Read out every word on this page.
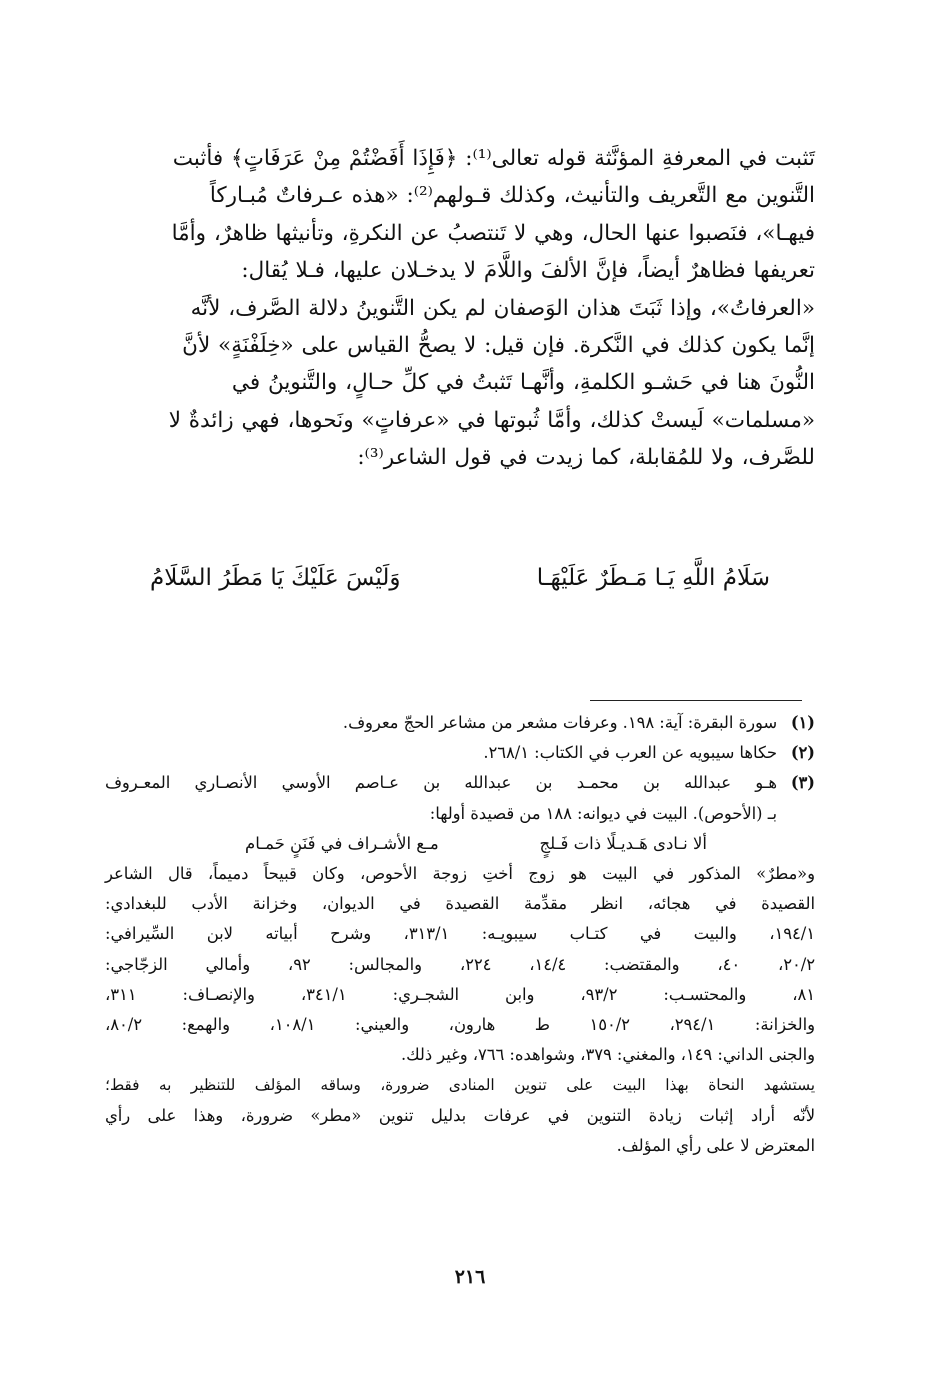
تَثبت في المعرفةِ المؤنَّثة قوله تعالى⁽¹⁾: ﴿فَإِذَا أَفَضْتُمْ مِنْ عَرَفَاتٍ﴾ فأثبت

التَّنوين مع التَّعريف والتأنيث، وكذلك قـولهم⁽²⁾: «هذه عـرفاتٌ مُبـاركاً

فيهـا»، فنَصبوا عنها الحال، وهي لا تَنتصبُ عن النكرةِ، وتأنيثها ظاهرٌ، وأمَّا

تعريفها فظاهرٌ أيضاً، فإنَّ الألفَ واللَّامَ لا يدخـلان عليها، فـلا يُقال:

«العرفاتُ»، وإذا ثَبَتَ هذان الوَصفان لم يكن التَّنوينُ دلالة الصَّرف، لأنَّه

إنَّما يكون كذلك في النَّكرة. فإن قيل: لا يصحُّ القياس على «خِلَفْنَةٍ» لأنَّ

النُّونَ هنا في حَشـو الكلمةِ، وأنَّهـا تَثبتُ في كلِّ حـالٍ، والتَّنوينُ في

«مسلمات» لَيستْ كذلك، وأمَّا ثُبوتها في «عرفاتٍ» ونَحوها، فهي زائدةٌ لا

للصَّرف، ولا للمُقابلة، كما زيدت في قول الشاعر⁽³⁾:

سَلَامُ اللَّهِ يَـا مَـطَرٌ عَلَيْهَـا
وَلَيْسَ عَلَيْكَ يَا مَطَرُ السَّلَامُ
(١)
سورة البقرة: آية: ١٩٨. وعرفات مشعر من مشاعر الحجّ معروف.
(٢)
حكاها سيبويه عن العرب في الكتاب: ٢٦٨/١.
(٣)
هـو عبدالله بن محمـد بن عبدالله بن عـاصم الأوسي الأنصـاري المعـروف
بـ (الأحوص). البيت في ديوانه: ١٨٨ من قصيدة أولها:
ألا نـادى هَـديـلًا ذات فَـلجٍ
مـع الأشـراف في فَنَنٍ حَمـام
و«مطرٌ» المذكور في البيت هو زوج أختِ زوجة الأحوص، وكان قبيحاً دميماً، قال الشاعر
القصيدة في هجائه، انظر مقدِّمة القصيدة في الديوان، وخزانة الأدب للبغدادي:
١٩٤/١، والبيت في كتـاب سيبويـه: ٣١٣/١، وشرح أبياته لابن السِّيرافي:
٢٠/٢، ٤٠، والمقتضب: ١٤/٤، ٢٢٤، والمجالس: ٩٢، وأمالي الزجّاجي:
٨١، والمحتسـب: ٩٣/٢، وابن الشجـري: ٣٤١/١، والإنصـاف: ٣١١،
والخزانة: ٢٩٤/١، ١٥٠/٢ ط هارون، والعيني: ١٠٨/١، والهمع: ٨٠/٢،
والجنى الداني: ١٤٩، والمغني: ٣٧٩، وشواهده: ٧٦٦، وغير ذلك.
يستشهد النحاة بهذا البيت على تنوين المنادى ضرورة، وساقه المؤلف للتنظير به فقط؛
لأنّه أراد إثبات زيادة التنوين في عرفات بدليل تنوين «مطر» ضرورة، وهذا على رأي
المعترض لا على رأي المؤلف.
٢١٦
